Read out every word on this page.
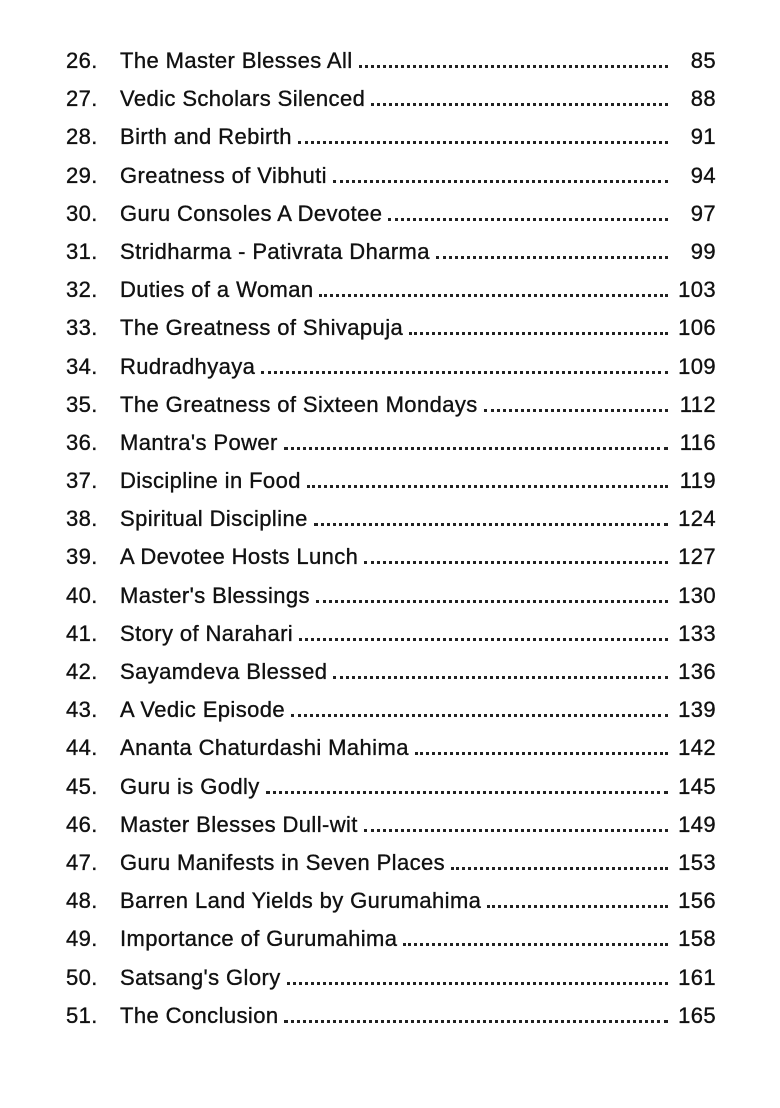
26.	The Master Blesses All	85
27.	Vedic Scholars Silenced	88
28.	Birth and Rebirth	91
29.	Greatness of Vibhuti	94
30.	Guru Consoles A Devotee	97
31.	Stridharma - Pativrata Dharma	99
32.	Duties of a Woman	103
33.	The Greatness of Shivapuja	106
34.	Rudradhyaya	109
35.	The Greatness of Sixteen Mondays	112
36.	Mantra's Power	116
37.	Discipline in Food	119
38.	Spiritual Discipline	124
39.	A Devotee Hosts Lunch	127
40.	Master's Blessings	130
41.	Story of Narahari	133
42.	Sayamdeva Blessed	136
43.	A Vedic Episode	139
44.	Ananta Chaturdashi Mahima	142
45.	Guru is Godly	145
46.	Master Blesses Dull-wit	149
47.	Guru Manifests in Seven Places	153
48.	Barren Land Yields by Gurumahima	156
49.	Importance of Gurumahima	158
50.	Satsang's Glory	161
51.	The Conclusion	165
